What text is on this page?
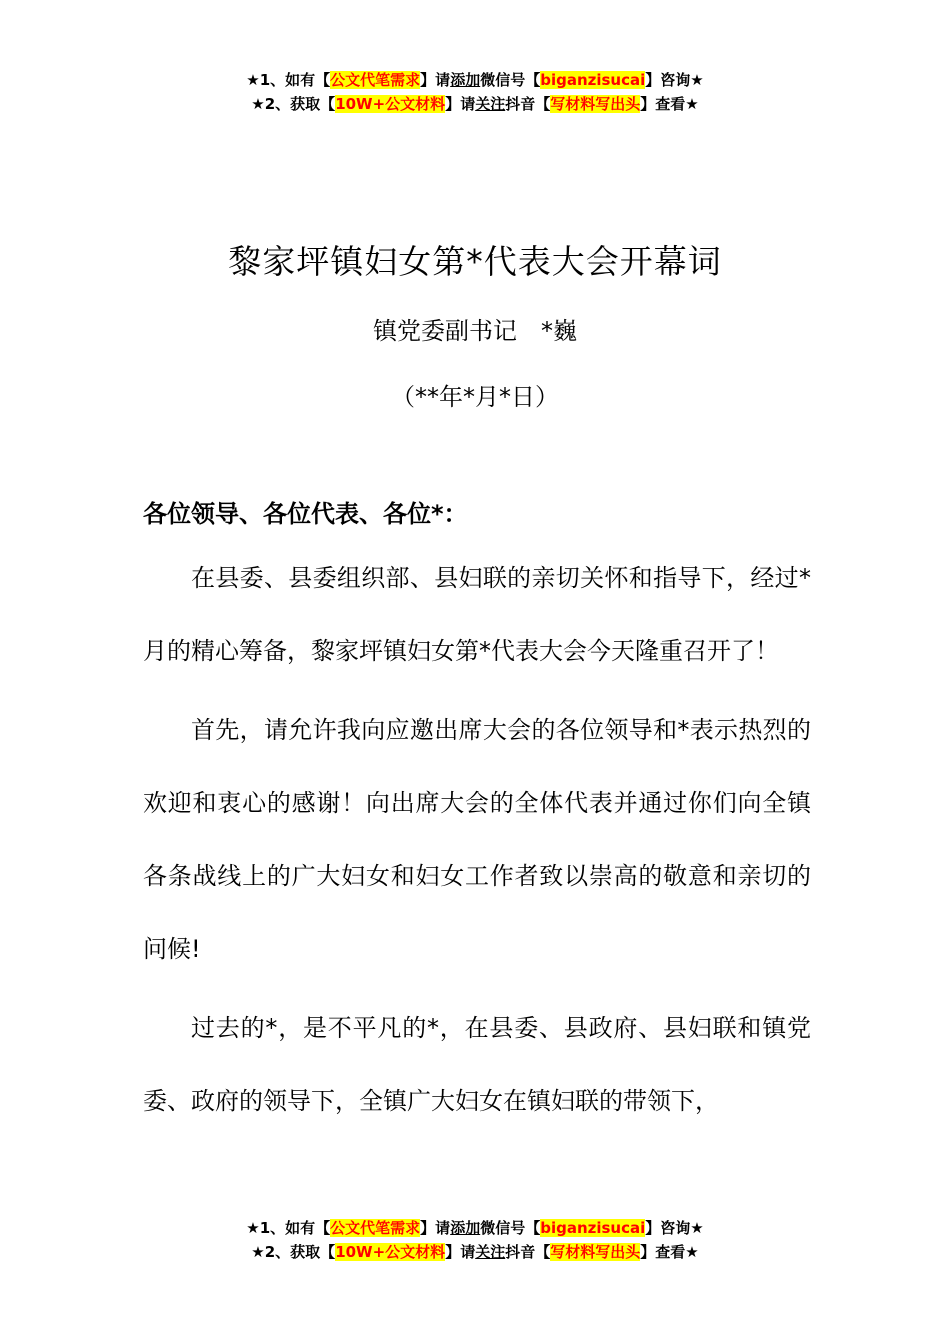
★1、如有【公文代笔需求】请添加微信号【biganzisucai】咨询★
★2、获取【10W+公文材料】请关注抖音【写材料写出头】查看★
黎家坪镇妇女第*代表大会开幕词
镇党委副书记　*巍
（**年*月*日）

各位领导、各位代表、各位*：

在县委、县委组织部、县妇联的亲切关怀和指导下，经过*月的精心筹备，黎家坪镇妇女第*代表大会今天隆重召开了！

首先，请允许我向应邀出席大会的各位领导和*表示热烈的欢迎和衷心的感谢！向出席大会的全体代表并通过你们向全镇各条战线上的广大妇女和妇女工作者致以崇高的敬意和亲切的问候!

过去的*，是不平凡的*，在县委、县政府、县妇联和镇党委、政府的领导下，全镇广大妇女在镇妇联的带领下，

★1、如有【公文代笔需求】请添加微信号【biganzisucai】咨询★
★2、获取【10W+公文材料】请关注抖音【写材料写出头】查看★
